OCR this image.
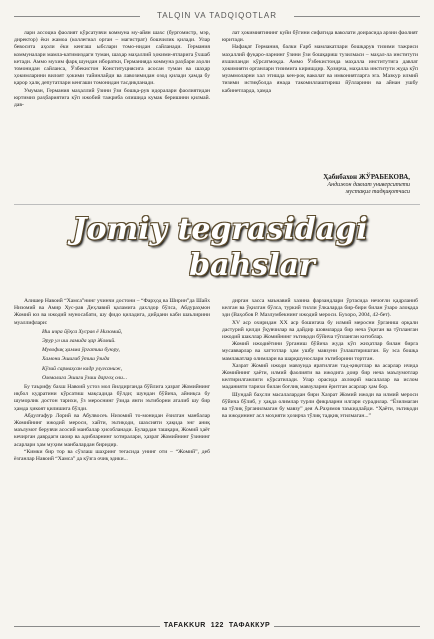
TALQIN VA TADQIQOTLAR

лари ассоциа фаолият кўрсатувчи коммуна му-айян шахс (бургомистр, мэр, директор) ёки жамоа (коллегиал орган – магистрат) бошчилик қилади. Улар бевосита аҳоли ёки кенгаш ыбслари томо-нидан сайланади. Германия коммуналари мамла-катимиздаги туман, шаҳар маҳаллий ҳокими-ятларига ўхшаб кетади. Аммо мухим фарқ шундан иборатки, Германияда коммуна раҳбари аҳоли томонидан сайланса, Ўзбекистон Конституциясига асосан туман ва шаҳар ҳокимларини вилоят ҳокими тайинлайди ва лавозимидан озод қилади ҳамда бу қарор ҳалқ депутатлари кенгаши томонидан тасдиқланади.

Умуман, Германия маҳаллий ўзини ўзи бошқа-рув идоралари фаолиятидан юртимиз раҳбариятига кўп ижобий тажриба олишида кумак беришини қилмай. дав-

лат ҳокимиятининг куйи бўгини сифатида ваколати доирасида арзии фаолият юритади.

Нафақат Германия, балки Ғарб мамлакатлари бошқарув тизими тажриси маҳаллий фуқаро-ларнинг ўзини ўзи бошқариш тузилмаси – маҳал-ла институти яхшиланди кўрсатмоқда. Аммо Ўзбекистонда маҳалла институтига давлат ҳокимияти органлари тизимига киришдир. Ҳозирча, маҳалла институти жуда кўп муаммоларни хал этишда кен-роқ ваколат ва имкониятларга эга. Мазкур илмий тизими истиқболда янада такомиллаштириш йўлларини ва айнан ушбу кабинетларда, ҳамда

Ҳабибахон ЖЎРАБЕКОВА,
Андижон давлат университети
мустақил тадқиқотчиси
Jomiy tegrasidagi
bahslar

Алишер Навоий “Хамса”нинг учинчи достони – “Фарҳод ва Ширин”да Шайх Низомий ва Амир Хус-рав Деҳлавий қаламига дахлдор бўлса, Абдураҳмон Жомий юз ва ижодий муносабати, шу фидо қиладига, дийдани каби шаълирини муаллифлари:

Иш ичра йўқса Хусрав ё Низомий,
Эрур ул иш ғамида ҳар Жомий.
Мувофиқ ҳамма ўргатиш буюру,
Хамони Эшигиб ўтиш ўзида
Кўзий сармаҳсан кадр улуғсаниж,
Оммалига Эшиги ўзиш даргоҳ оли...

Бу таърифу бахш Навоий устоз мол йилдирганда бўйлига ҳазрат Жомийнинг иқбол кудратини кўрсатиш мақсадида бўлди; шундан бўйича, айниқса бу шуморлик достон тарихи, ўз мероснинг ўзида янги эътиборни аталиб шу бир ҳамда ҳикоят қилишига бўлди.

Абдулғафур Лорий ва Абулвосеъ Низомий то-монидан ёзилган манбалар Жомийнинг ижодий мероси, хайти, эътиқоди, шахсияти ҳақида энг аниқ маълумот берувчи асосий манбалар ҳисобланади. Булардан ташқари, Жомий ҳаёт кечирган даврдаги шоир ва адибларнинг хотиралари, ҳазрат Жомийнинг ўзининг асарлари ҳам муҳим манбалардан биридир.

“Кимки бир тор ва сўзлаш шаҳринг тегасида унинг оти – “Жомий”, деб ёзганлар Навоий “Хамса” да кўзга очиқ эдики...

дирган хасса маънавий хазина фарзандлари ўртасида нечоғли қадрланиб келган ва ўқилган бўлса, туркий тилли ўлкаларда бир-бири билан ўзаро алоқада эди (Ваҳобов Р. Мазлумбекнинг ижодий мероси. Бухоро, 2004, 42-бет).

XV аср охиридан XX аср бошигача бу илмий меросни ўрганиш орқали дастурий қилди ўқувчилар ва дайдир шовмларда бир неча ўқиган ва тўпланган ижодий шакллар Жомийнинг эътиқоди бўйича тўпланган китоблар.

Жомий ижодиётини ўрганиш бўйича жуда кўп жиҳатлар билан бирга мусавварлар ва хаттотлар ҳам ушбу мавзуни ўзлаштиришган. Бу эса бошқа мамлакатлар олимлари ва шарқшунослари эътиборини тортган.

Хазрат Жомий ижоди мавзуида яратилган тад-қиқотлар ва асарлар ичида Жомийнинг ҳаёти, илмий фаолияти ва ижодига доир бир неча маълумотлар келтирилганлиги кўрсатилади. Улар орасида ахлоқий масалалар ва ислом маданияти тарихи билан боғлиқ мавзуларни ёритган асарлар ҳам бор.

Шундай баҳсли масалалардан бири Хазрат Жомий ижоди ва илмий мероси бўйича бўлиб, у ҳақда олимлар турли фикрларни илгари сурадилар. “Ёзилмаган ва тўлиқ ўрганилмаган бу мавзу” дея А.Раҳимов таъкидлайди. “Ҳаёти, эътиқоди ва ижодининг асл моҳияти ҳозирча тўлиқ тадқиқ этилмаган...”

TAFAKKUR 122 ТАФАККУР
